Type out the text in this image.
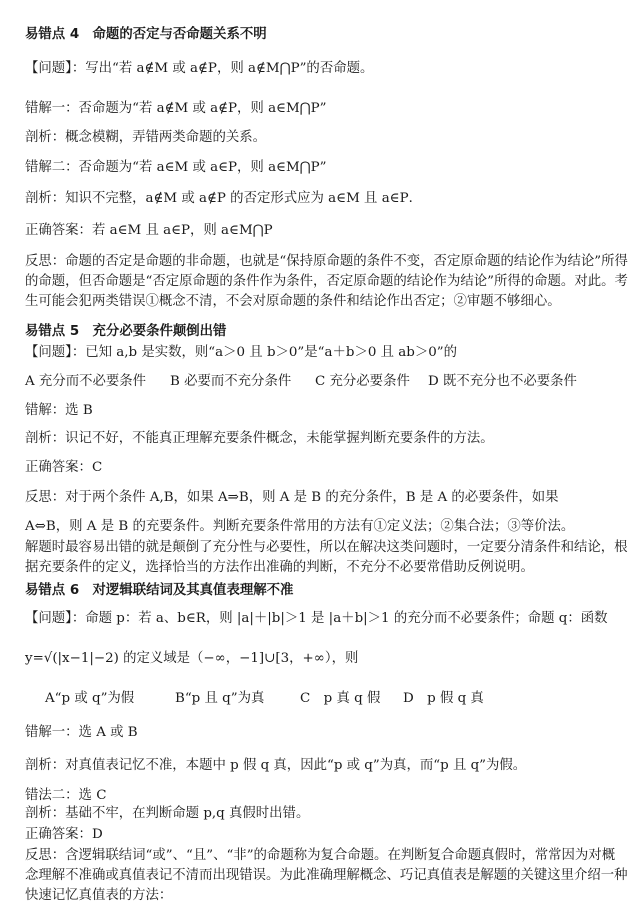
易错点 4　命题的否定与否命题关系不明
【问题】：写出“若 a∉M 或 a∉P，则 a∉M⋂P”的否命题。
错解一：否命题为“若 a∉M 或 a∉P，则 a∈M⋂P”
剖析：概念模糊，弄错两类命题的关系。
错解二：否命题为“若 a∈M 或 a∈P，则 a∈M⋂P”
剖析：知识不完整，a∉M 或 a∉P 的否定形式应为 a∈M 且 a∈P．
正确答案：若 a∈M 且 a∈P，则 a∈M⋂P
反思：命题的否定是命题的非命题，也就是“保持原命题的条件不变，否定原命题的结论作为结论”所得的命题，但否命题是“否定原命题的条件作为条件，否定原命题的结论作为结论”所得的命题。对此。考生可能会犯两类错误①概念不清，不会对原命题的条件和结论作出否定；②审题不够细心。
易错点 5　充分必要条件颠倒出错
【问题】：已知 a,b 是实数，则“a＞0 且 b＞0”是“a＋b＞0 且 ab＞0”的
A 充分而不必要条件 B 必要而不充分条件 C 充分必要条件 D 既不充分也不必要条件
错解：选 B
剖析：识记不好，不能真正理解充要条件概念，未能掌握判断充要条件的方法。
正确答案：C
反思：对于两个条件 A,B，如果 A⇒B，则 A 是 B 的充分条件，B 是 A 的必要条件，如果
A⇔B，则 A 是 B 的充要条件。判断充要条件常用的方法有①定义法；②集合法；③等价法。
解题时最容易出错的就是颠倒了充分性与必要性，所以在解决这类问题时，一定要分清条件和结论，根据充要条件的定义，选择恰当的方法作出准确的判断，不充分不必要常借助反例说明。
易错点 6　对逻辑联结词及其真值表理解不准
【问题】：命题 p：若 a、b∈R，则 |a|＋|b|＞1 是 |a＋b|＞1 的充分而不必要条件；命题 q：函数
y=√(|x−1|−2) 的定义域是（−∞，−1]∪[3，+∞），则
A“p 或 q”为假	B“p 且 q”为真	C　p 真 q 假 D　p 假 q 真
错解一：选 A 或 B
剖析：对真值表记忆不准，本题中 p 假 q 真，因此“p 或 q”为真，而“p 且 q”为假。
错法二：选 C
剖析：基础不牢，在判断命题 p,q 真假时出错。
正确答案：D
反思：含逻辑联结词“或”、“且”、“非”的命题称为复合命题。在判断复合命题真假时，常常因为对概念理解不准确或真值表记不清而出现错误。为此准确理解概念、巧记真值表是解题的关键这里介绍一种快速记忆真值表的方法：
